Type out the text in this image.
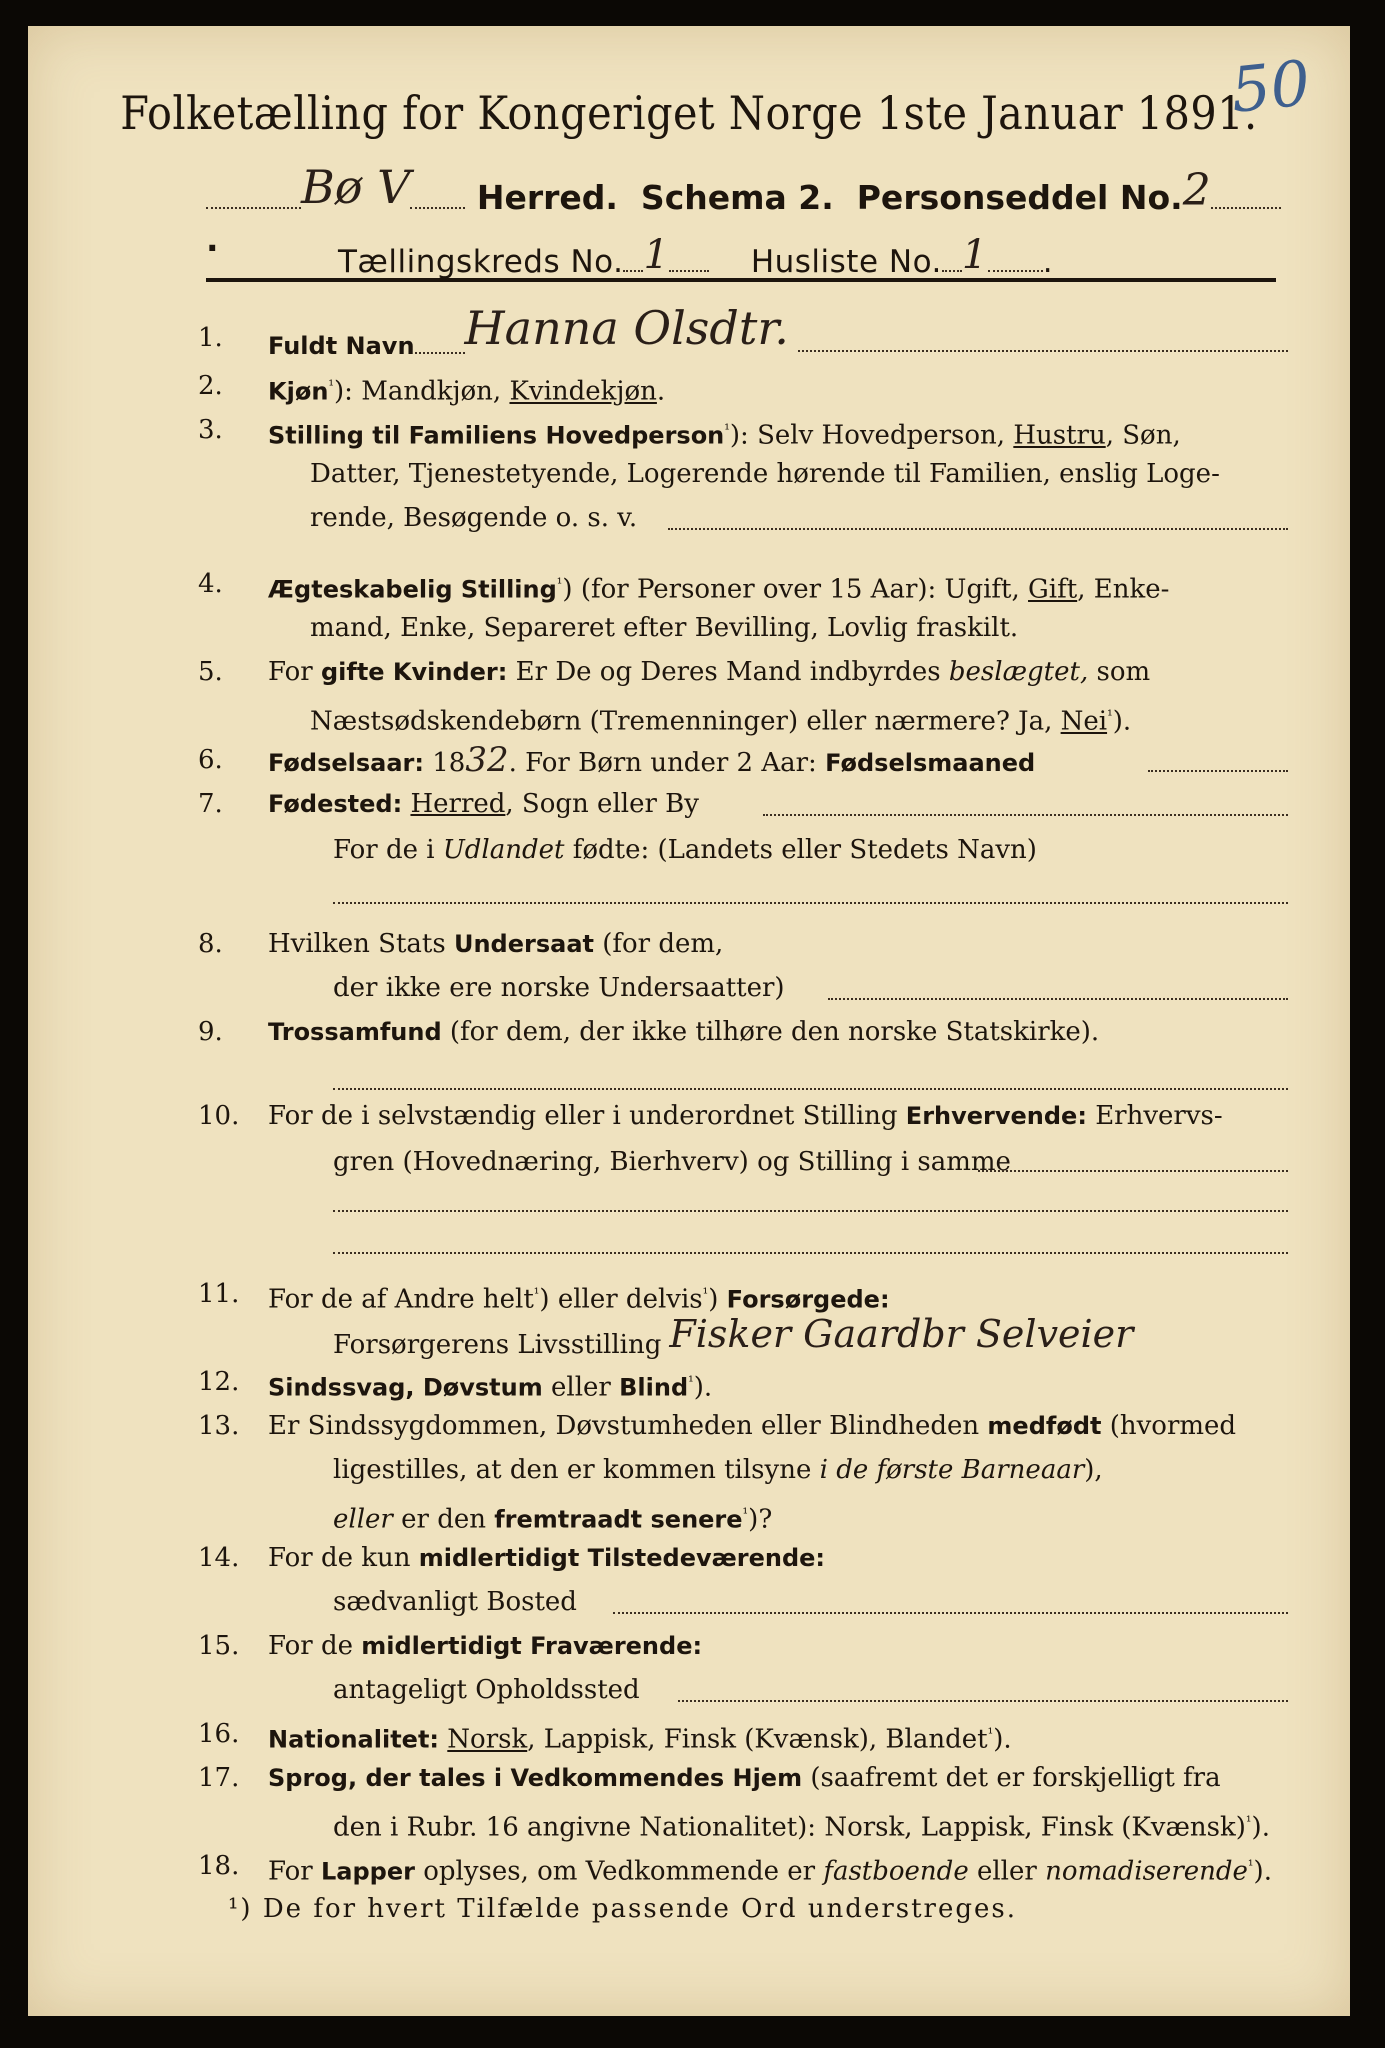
50
Folketælling for Kongeriget Norge 1ste Januar 1891.
Bø V Herred. Schema 2. Personseddel No.2.
Tællingskreds No. 1	Husliste No. 1 .
1.	Fuldt Navn Hanna Olsdtr.
2.	Kjøn$^{^1}$): Mandkjøn, Kvindekjøn.
3.	Stilling til Familiens Hovedperson$^{^1}$): Selv Hovedperson, Hustru, Søn,
Datter, Tjenestetyende, Logerende hørende til Familien, enslig Loge-
rende, Besøgende o. s. v.
4.	Ægteskabelig Stilling$^{^1}$) (for Personer over 15 Aar): Ugift, Gift, Enke-
mand, Enke, Separeret efter Bevilling, Lovlig fraskilt.
5.	For gifte Kvinder: Er De og Deres Mand indbyrdes beslægtet, som
Næstsødskendebørn (Tremenninger) eller nærmere? Ja, Nei$^{^1}$).
6.	Fødselsaar: 1832. For Børn under 2 Aar: Fødselsmaaned
7.	Fødested: Herred, Sogn eller By
For de i Udlandet fødte: (Landets eller Stedets Navn)
8.	Hvilken Stats Undersaat (for dem,
der ikke ere norske Undersaatter)
9.	Trossamfund (for dem, der ikke tilhøre den norske Statskirke).
10.	For de i selvstændig eller i underordnet Stilling Erhvervende: Erhvervs-
gren (Hovednæring, Bierhverv) og Stilling i samme
11.	For de af Andre helt$^{^1}$) eller delvis$^{^1}$) Forsørgede:
Forsørgerens Livsstilling Fisker Gaardbr Selveier
12.	Sindssvag, Døvstum eller Blind$^{^1}$).
13.	Er Sindssygdommen, Døvstumheden eller Blindheden medfødt (hvormed
ligestilles, at den er kommen tilsyne i de første Barneaar),
eller er den fremtraadt senere$^{^1}$)?
14.	For de kun midlertidigt Tilstedeværende:
sædvanligt Bosted
15.	For de midlertidigt Fraværende:
antageligt Opholdssted
16.	Nationalitet: Norsk, Lappisk, Finsk (Kvænsk), Blandet$^{^1}$).
17.	Sprog, der tales i Vedkommendes Hjem (saafremt det er forskjelligt fra
den i Rubr. 16 angivne Nationalitet): Norsk, Lappisk, Finsk (Kvænsk)$^{^1}$).
18.	For Lapper oplyses, om Vedkommende er fastboende eller nomadiserende$^{^1}$).
¹) De for hvert Tilfælde passende Ord understreges.
